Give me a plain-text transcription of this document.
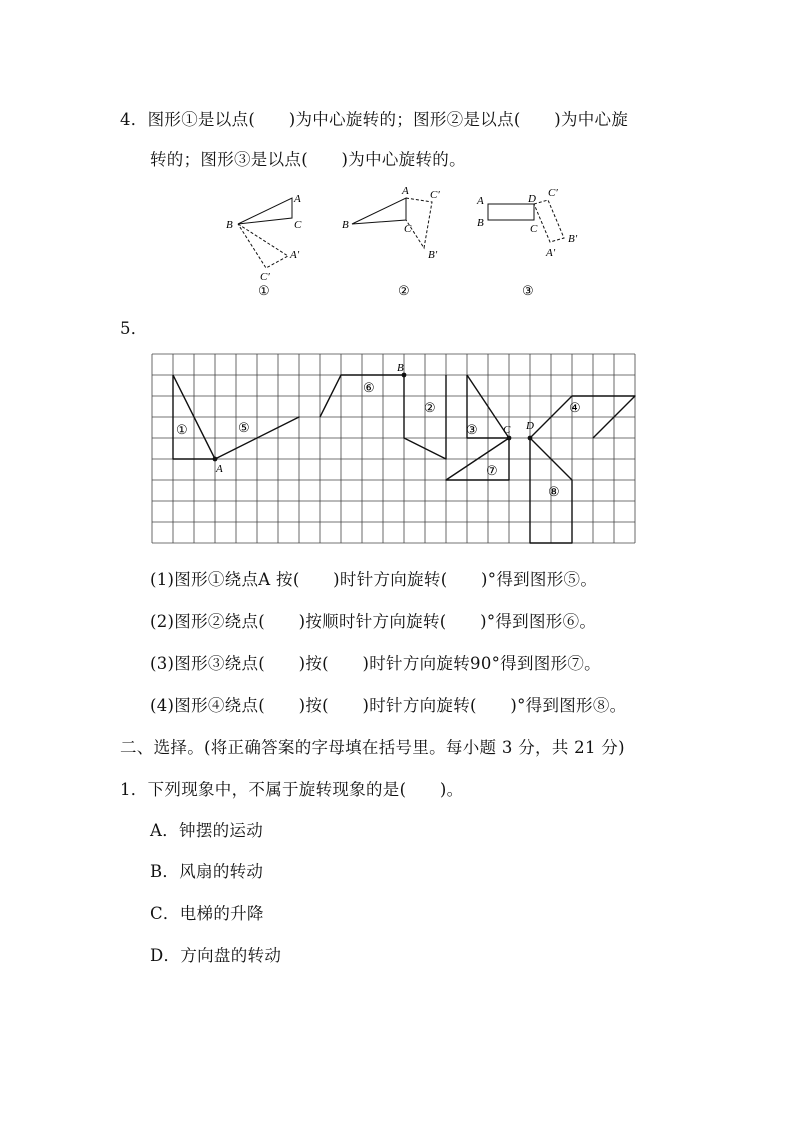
4．图形①是以点(　　)为中心旋转的；图形②是以点(　　)为中心旋
转的；图形③是以点(　　)为中心旋转的。
A
B	C
A′
C′
①
A
B	C
C′
B′
②
A
B
D C′
C
B′
A′
③
5．
①	⑤
⑥
②
③
⑦
④
⑧
A
B
C D
(1)图形①绕点A 按(　　)时针方向旋转(　　)°得到图形⑤。
(2)图形②绕点(　　)按顺时针方向旋转(　　)°得到图形⑥。
(3)图形③绕点(　　)按(　　)时针方向旋转90°得到图形⑦。
(4)图形④绕点(　　)按(　　)时针方向旋转(　　)°得到图形⑧。
二、选择。(将正确答案的字母填在括号里。每小题 3 分，共 21 分)
1．下列现象中，不属于旋转现象的是(　　)。
A．钟摆的运动
B．风扇的转动
C．电梯的升降
D．方向盘的转动
